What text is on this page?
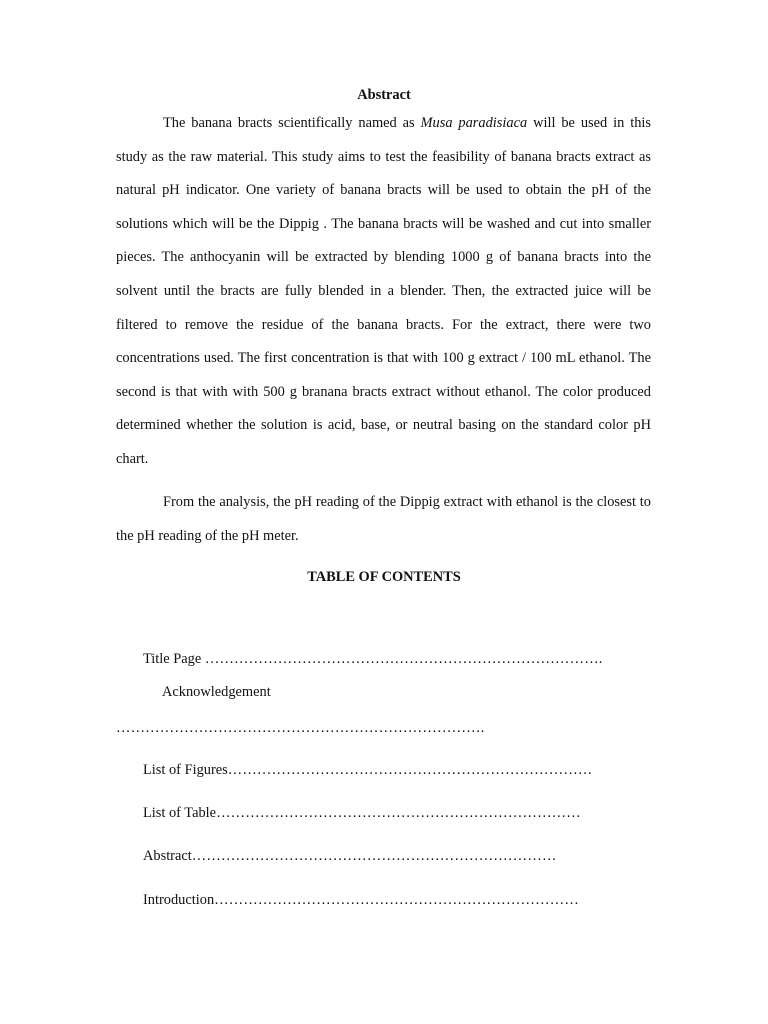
Abstract

The banana bracts scientifically named as Musa paradisiaca will be used in this study as the raw material. This study aims to test the feasibility of banana bracts extract as natural pH indicator. One variety of banana bracts will be used to obtain the pH of the solutions which will be the Dippig . The banana bracts will be washed and cut into smaller pieces. The anthocyanin will be extracted by blending 1000 g of banana bracts into the solvent until the bracts are fully blended in a blender. Then, the extracted juice will be filtered to remove the residue of the banana bracts. For the extract, there were two concentrations used. The first concentration is that with 100 g extract / 100 mL ethanol. The second is that with with 500 g branana bracts extract without ethanol. The color produced determined whether the solution is acid, base, or neutral basing on the standard color pH chart.

From the analysis, the pH reading of the Dippig extract with ethanol is the closest to the pH reading of the pH meter.

TABLE OF CONTENTS
Title Page ……………………………………………………………………….
Acknowledgement
………………………………………………………………….
List of Figures…………………………………………………………………
List of Table…………………………………………………………………
Abstract…………………………………………………………………
Introduction…………………………………………………………………
